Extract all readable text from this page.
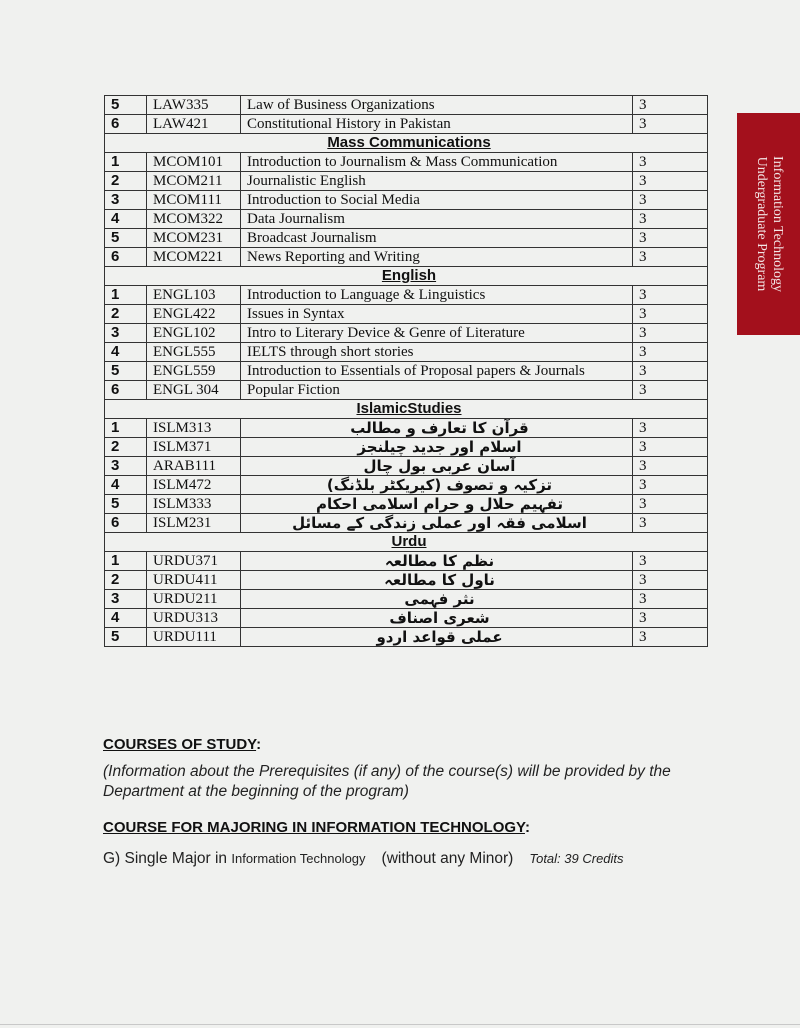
5	LAW335	Law of Business Organizations	3
6	LAW421	Constitutional History in Pakistan	3
Mass Communications			
1	MCOM101	Introduction to Journalism & Mass Communication	3
2	MCOM211	Journalistic English	3
3	MCOM111	Introduction to Social Media	3
4	MCOM322	Data Journalism	3
5	MCOM231	Broadcast Journalism	3
6	MCOM221	News Reporting and Writing	3
English			
1	ENGL103	Introduction to Language & Linguistics	3
2	ENGL422	Issues in Syntax	3
3	ENGL102	Intro to Literary Device & Genre of Literature	3
4	ENGL555	IELTS through short stories	3
5	ENGL559	Introduction to Essentials of Proposal papers & Journals	3
6	ENGL 304	Popular Fiction	3
IslamicStudies			
1	ISLM313	قرآن کا تعارف و مطالب	3
2	ISLM371	اسلام اور جدید چیلنجز	3
3	ARAB111	آسان عربی بول چال	3
4	ISLM472	تزکیہ و تصوف (کیریکٹر بلڈنگ)	3
5	ISLM333	تفہیم حلال و حرام اسلامی احکام	3
6	ISLM231	اسلامی فقہ اور عملی زندگی کے مسائل	3
Urdu			
1	URDU371	نظم کا مطالعہ	3
2	URDU411	ناول کا مطالعہ	3
3	URDU211	نثر فہمی	3
4	URDU313	شعری اصناف	3
5	URDU111	عملی قواعد اردو	3
Information Technology
Undergraduate Program
COURSES OF STUDY:
(Information about the Prerequisites (if any) of the course(s) will be provided by the Department at the beginning of the program)
COURSE FOR MAJORING IN INFORMATION TECHNOLOGY:
G) Single Major in Information Technology (without any Minor) Total: 39 Credits
